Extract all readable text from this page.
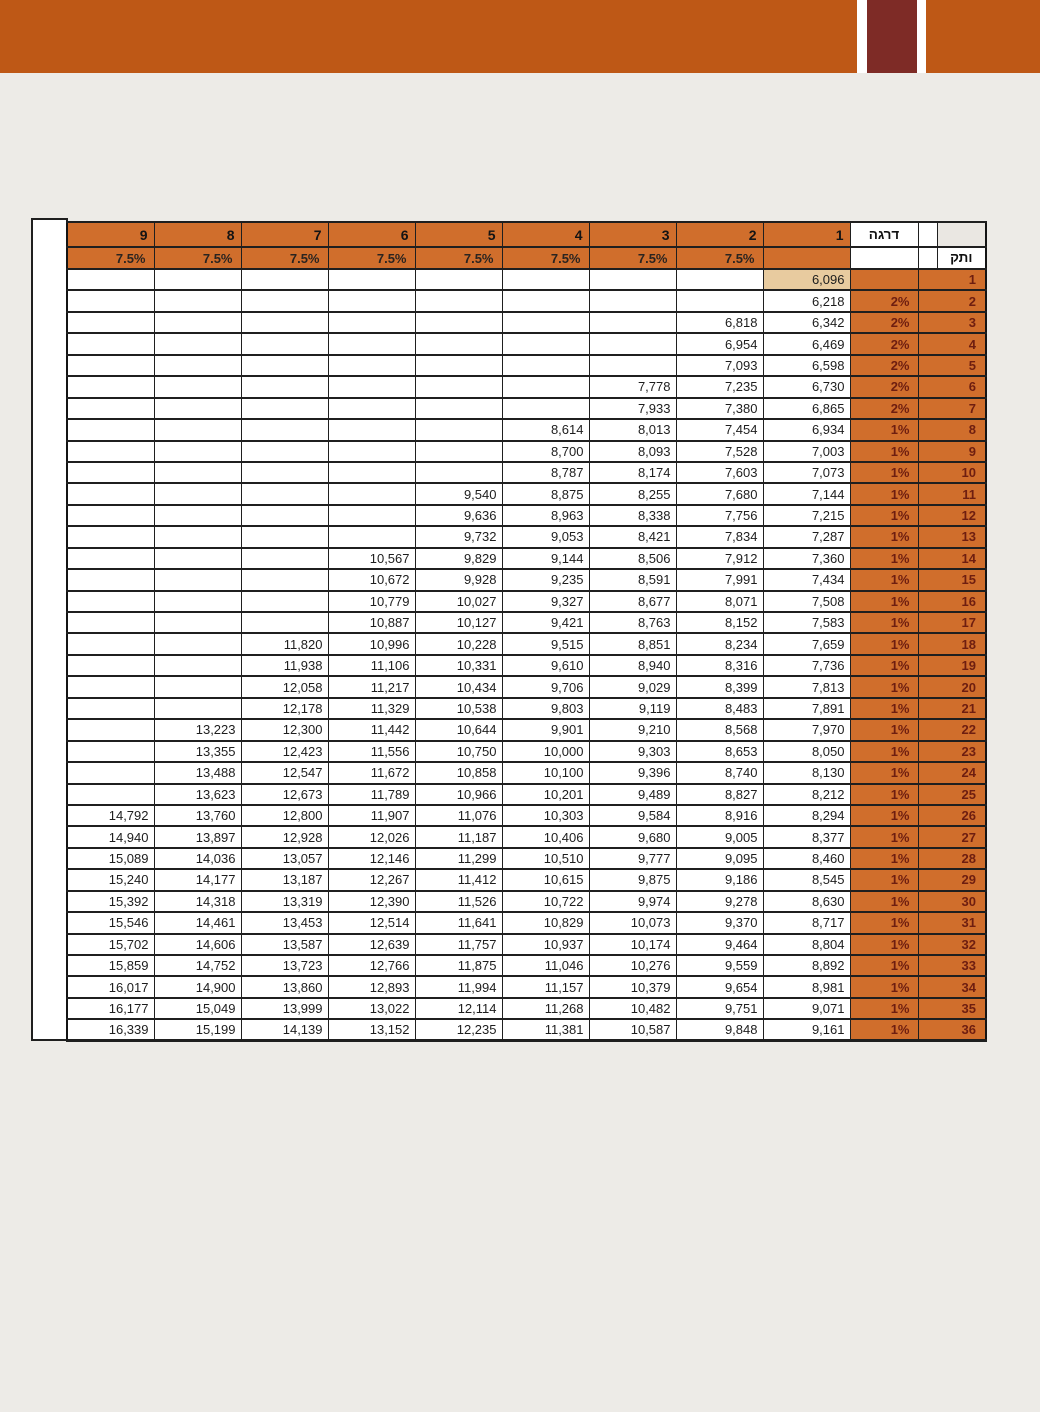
9	8	7	6	5	4	3	2	1	דרגה		
7.5%	7.5%	7.5%	7.5%	7.5%	7.5%	7.5%	7.5%				ותק
								6,096		1	
								6,218	2%	2	
							6,818	6,342	2%	3	
							6,954	6,469	2%	4	
							7,093	6,598	2%	5	
						7,778	7,235	6,730	2%	6	
						7,933	7,380	6,865	2%	7	
					8,614	8,013	7,454	6,934	1%	8	
					8,700	8,093	7,528	7,003	1%	9	
					8,787	8,174	7,603	7,073	1%	10	
				9,540	8,875	8,255	7,680	7,144	1%	11	
				9,636	8,963	8,338	7,756	7,215	1%	12	
				9,732	9,053	8,421	7,834	7,287	1%	13	
			10,567	9,829	9,144	8,506	7,912	7,360	1%	14	
			10,672	9,928	9,235	8,591	7,991	7,434	1%	15	
			10,779	10,027	9,327	8,677	8,071	7,508	1%	16	
			10,887	10,127	9,421	8,763	8,152	7,583	1%	17	
		11,820	10,996	10,228	9,515	8,851	8,234	7,659	1%	18	
		11,938	11,106	10,331	9,610	8,940	8,316	7,736	1%	19	
		12,058	11,217	10,434	9,706	9,029	8,399	7,813	1%	20	
		12,178	11,329	10,538	9,803	9,119	8,483	7,891	1%	21	
	13,223	12,300	11,442	10,644	9,901	9,210	8,568	7,970	1%	22	
	13,355	12,423	11,556	10,750	10,000	9,303	8,653	8,050	1%	23	
	13,488	12,547	11,672	10,858	10,100	9,396	8,740	8,130	1%	24	
	13,623	12,673	11,789	10,966	10,201	9,489	8,827	8,212	1%	25	
14,792	13,760	12,800	11,907	11,076	10,303	9,584	8,916	8,294	1%	26	
14,940	13,897	12,928	12,026	11,187	10,406	9,680	9,005	8,377	1%	27	
15,089	14,036	13,057	12,146	11,299	10,510	9,777	9,095	8,460	1%	28	
15,240	14,177	13,187	12,267	11,412	10,615	9,875	9,186	8,545	1%	29	
15,392	14,318	13,319	12,390	11,526	10,722	9,974	9,278	8,630	1%	30	
15,546	14,461	13,453	12,514	11,641	10,829	10,073	9,370	8,717	1%	31	
15,702	14,606	13,587	12,639	11,757	10,937	10,174	9,464	8,804	1%	32	
15,859	14,752	13,723	12,766	11,875	11,046	10,276	9,559	8,892	1%	33	
16,017	14,900	13,860	12,893	11,994	11,157	10,379	9,654	8,981	1%	34	
16,177	15,049	13,999	13,022	12,114	11,268	10,482	9,751	9,071	1%	35	
16,339	15,199	14,139	13,152	12,235	11,381	10,587	9,848	9,161	1%	36	
